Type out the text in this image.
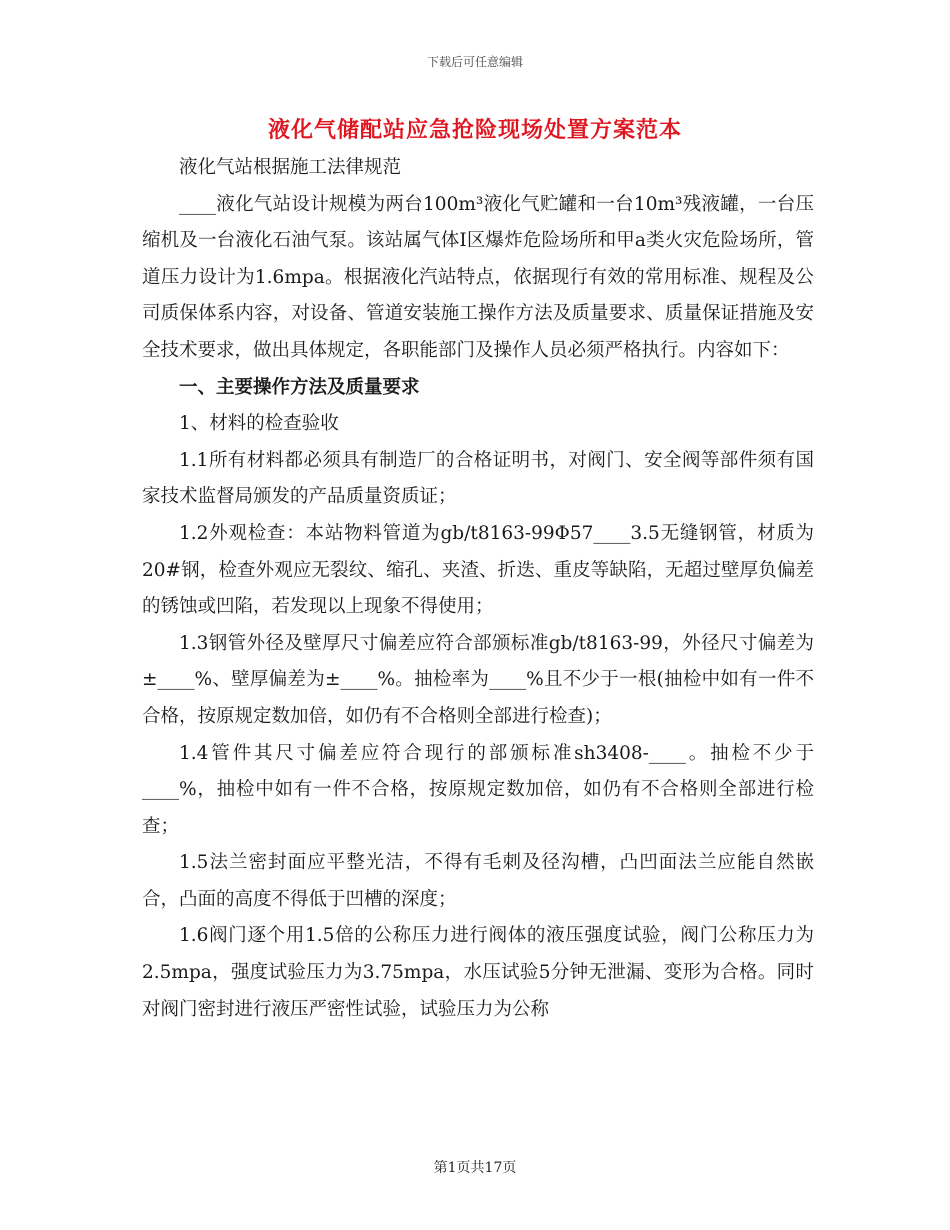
下载后可任意编辑
液化气储配站应急抢险现场处置方案范本

液化气站根据施工法律规范

____液化气站设计规模为两台100m³液化气贮罐和一台10m³残液罐，一台压缩机及一台液化石油气泵。该站属气体Ⅰ区爆炸危险场所和甲a类火灾危险场所，管道压力设计为1.6mpa。根据液化汽站特点，依据现行有效的常用标准、规程及公司质保体系内容，对设备、管道安装施工操作方法及质量要求、质量保证措施及安全技术要求，做出具体规定，各职能部门及操作人员必须严格执行。内容如下：

一、主要操作方法及质量要求

1、材料的检查验收

1.1所有材料都必须具有制造厂的合格证明书，对阀门、安全阀等部件须有国家技术监督局颁发的产品质量资质证；

1.2外观检查：本站物料管道为gb/t8163-99Φ57____3.5无缝钢管，材质为20#钢，检查外观应无裂纹、缩孔、夹渣、折迭、重皮等缺陷，无超过壁厚负偏差的锈蚀或凹陷，若发现以上现象不得使用；

1.3钢管外径及壁厚尺寸偏差应符合部颁标准gb/t8163-99，外径尺寸偏差为±____%、壁厚偏差为±____%。抽检率为____%且不少于一根(抽检中如有一件不合格，按原规定数加倍，如仍有不合格则全部进行检查)；

1.4管件其尺寸偏差应符合现行的部颁标准sh3408-____。抽检不少于____%，抽检中如有一件不合格，按原规定数加倍，如仍有不合格则全部进行检查；

1.5法兰密封面应平整光洁，不得有毛刺及径沟槽，凸凹面法兰应能自然嵌合，凸面的高度不得低于凹槽的深度；

1.6阀门逐个用1.5倍的公称压力进行阀体的液压强度试验，阀门公称压力为2.5mpa，强度试验压力为3.75mpa，水压试验5分钟无泄漏、变形为合格。同时对阀门密封进行液压严密性试验，试验压力为公称

第1页共17页
